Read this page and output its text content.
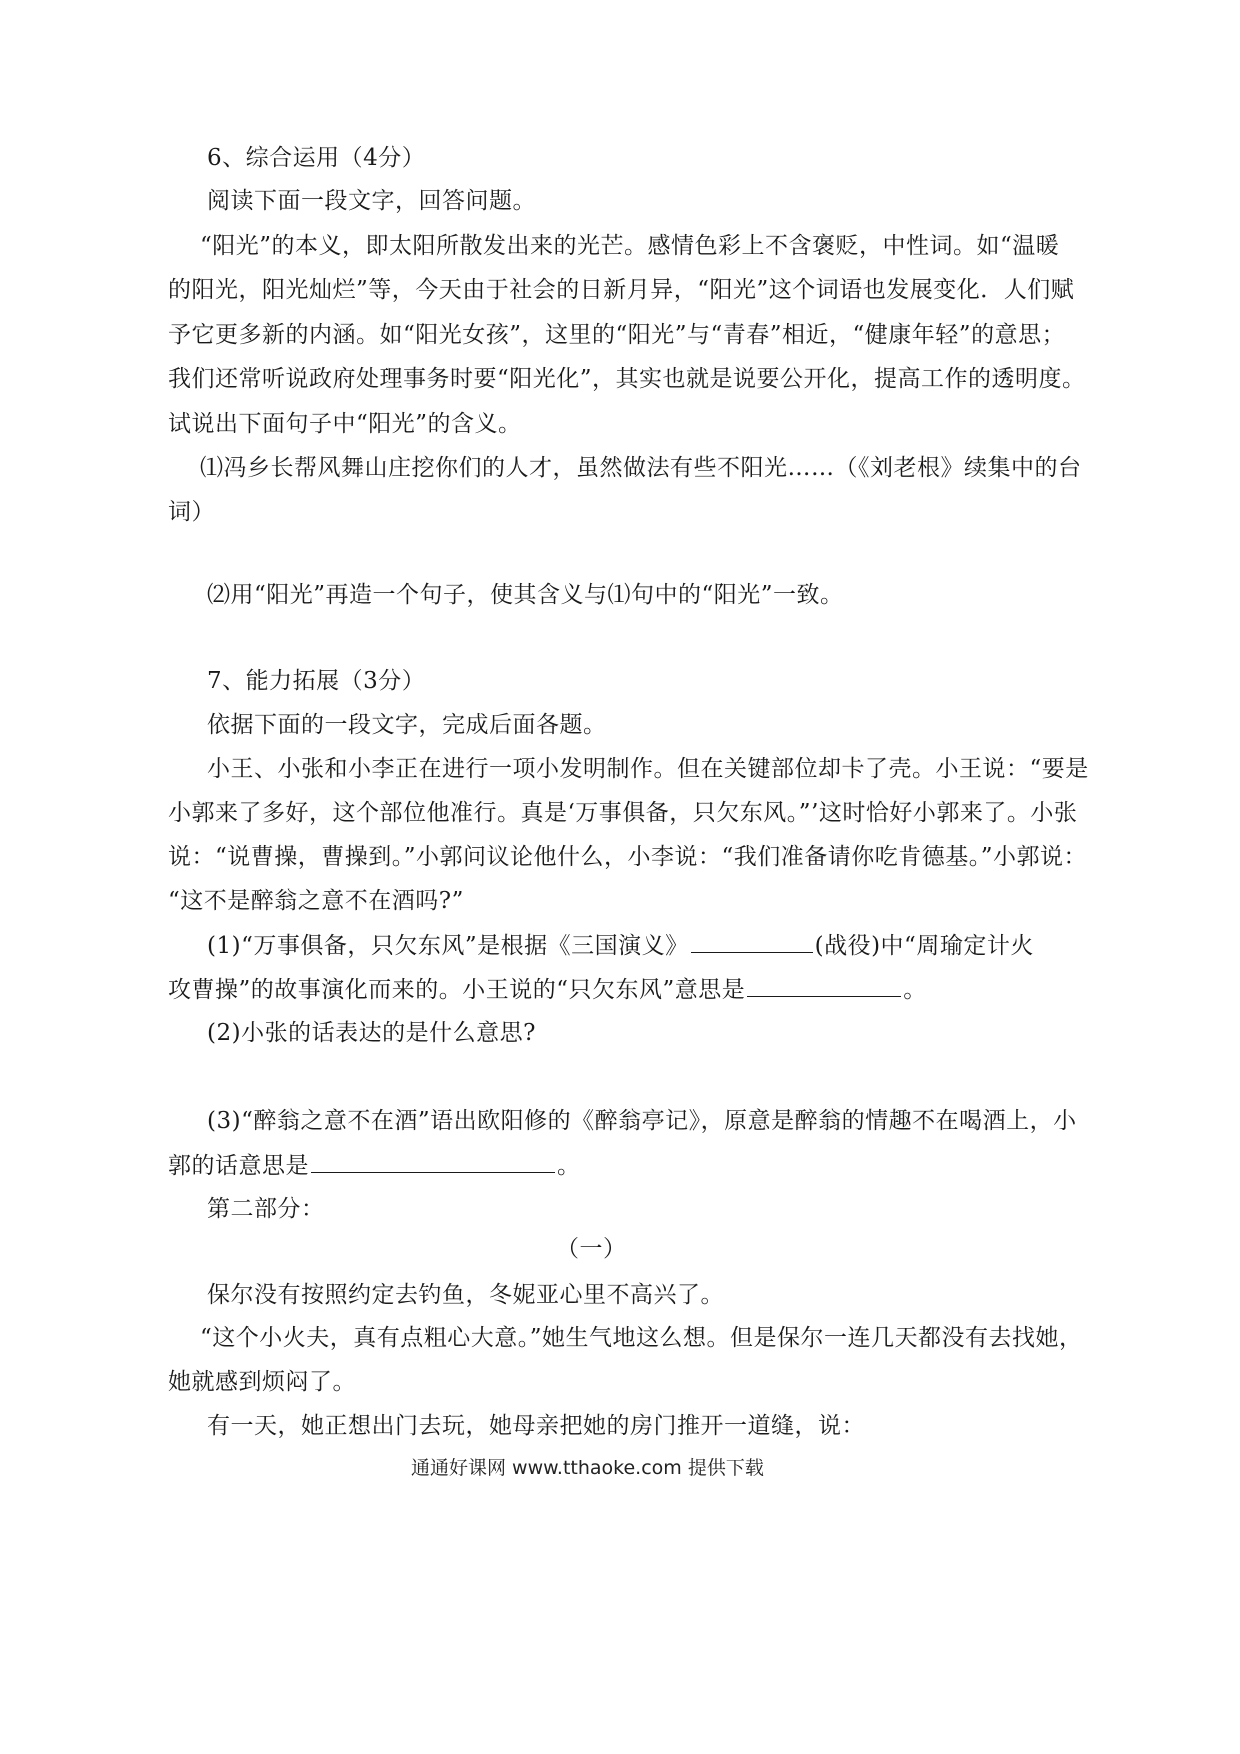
6、综合运用（4分）
阅读下面一段文字，回答问题。
“阳光”的本义，即太阳所散发出来的光芒。感情色彩上不含褒贬，中性词。如“温暖
的阳光，阳光灿烂”等，今天由于社会的日新月异，“阳光”这个词语也发展变化．人们赋
予它更多新的内涵。如“阳光女孩”，这里的“阳光”与“青春”相近，“健康年轻”的意思；
我们还常听说政府处理事务时要“阳光化”，其实也就是说要公开化，提高工作的透明度。
试说出下面句子中“阳光”的含义。
⑴冯乡长帮风舞山庄挖你们的人才，虽然做法有些不阳光……（《刘老根》续集中的台
词）
⑵用“阳光”再造一个句子，使其含义与⑴句中的“阳光”一致。
7、能力拓展（3分）
依据下面的一段文字，完成后面各题。
小王、小张和小李正在进行一项小发明制作。但在关键部位却卡了壳。小王说：“要是
小郭来了多好，这个部位他准行。真是‘万事俱备，只欠东风。”’这时恰好小郭来了。小张
说：“说曹操，曹操到。”小郭问议论他什么，小李说：“我们准备请你吃肯德基。”小郭说：
“这不是醉翁之意不在酒吗?”
(1)“万事俱备，只欠东风”是根据《三国演义》	(战役)中“周瑜定计火
攻曹操”的故事演化而来的。小王说的“只欠东风”意思是	。
(2)小张的话表达的是什么意思?
(3)“醉翁之意不在酒”语出欧阳修的《醉翁亭记》，原意是醉翁的情趣不在喝酒上，小
郭的话意思是	。
第二部分：
（一）
保尔没有按照约定去钓鱼，冬妮亚心里不高兴了。
“这个小火夫，真有点粗心大意。”她生气地这么想。但是保尔一连几天都没有去找她，
她就感到烦闷了。
有一天，她正想出门去玩，她母亲把她的房门推开一道缝，说：
通通好课网 www.tthaoke.com 提供下载
